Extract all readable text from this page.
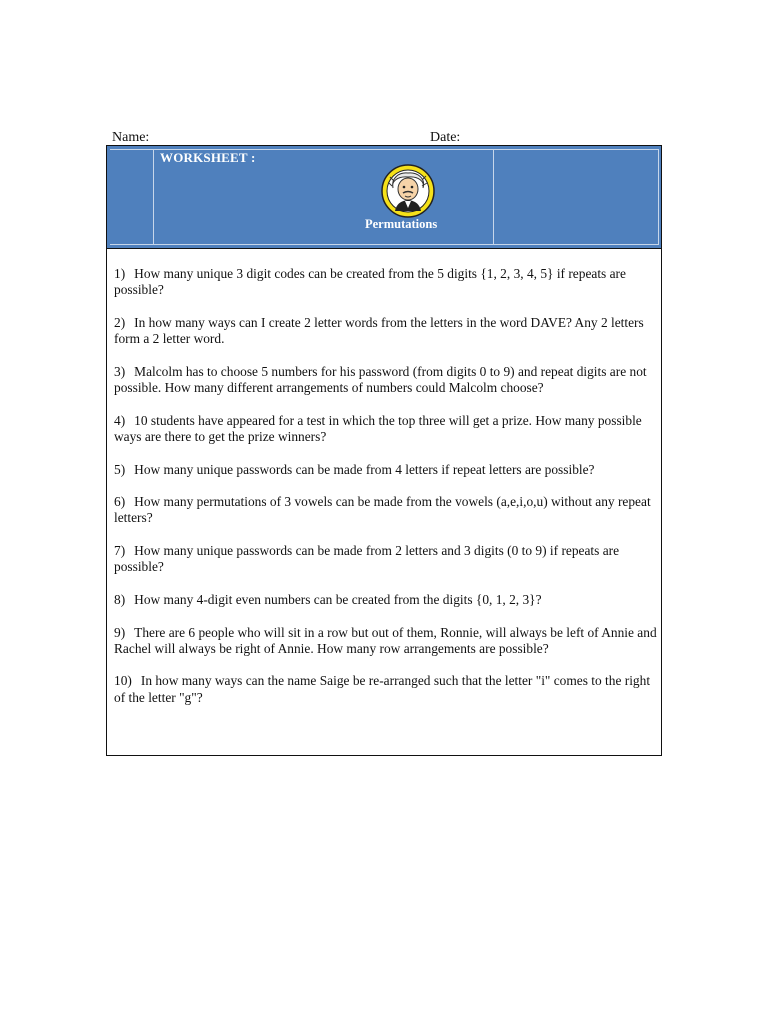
Name:	Date:
WORKSHEET :
Permutations
1) How many unique 3 digit codes can be created from the 5 digits {1, 2, 3, 4, 5} if repeats are possible?
2) In how many ways can I create 2 letter words from the letters in the word DAVE? Any 2 letters form a 2 letter word.
3) Malcolm has to choose 5 numbers for his password (from digits 0 to 9) and repeat digits are not possible. How many different arrangements of numbers could Malcolm choose?
4) 10 students have appeared for a test in which the top three will get a prize. How many possible ways are there to get the prize winners?
5) How many unique passwords can be made from 4 letters if repeat letters are possible?
6) How many permutations of 3 vowels can be made from the vowels (a,e,i,o,u) without any repeat letters?
7) How many unique passwords can be made from 2 letters and 3 digits (0 to 9) if repeats are possible?
8) How many 4-digit even numbers can be created from the digits {0, 1, 2, 3}?
9) There are 6 people who will sit in a row but out of them, Ronnie, will always be left of Annie and Rachel will always be right of Annie. How many row arrangements are possible?
10) In how many ways can the name Saige be re-arranged such that the letter "i" comes to the right of the letter "g"?
